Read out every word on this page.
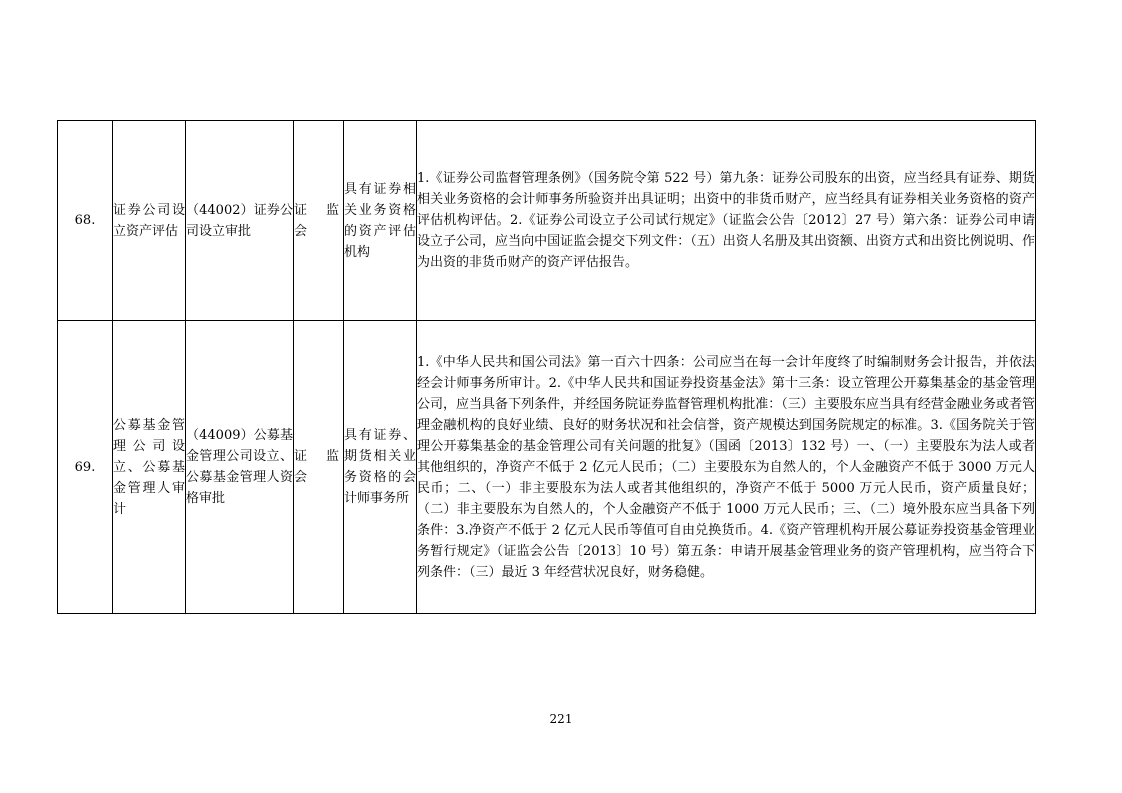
68.	证券公司设立资产评估	（44002）证券公司设立审批	证监会	具有证券相关业务资格的资产评估机构	1.《证券公司监督管理条例》（国务院令第 522 号）第九条：证券公司股东的出资，应当经具有证券、期货相关业务资格的会计师事务所验资并出具证明；出资中的非货币财产，应当经具有证券相关业务资格的资产评估机构评估。2.《证券公司设立子公司试行规定》（证监会公告〔2012〕27 号）第六条：证券公司申请设立子公司，应当向中国证监会提交下列文件：（五）出资人名册及其出资额、出资方式和出资比例说明、作为出资的非货币财产的资产评估报告。
69.	公募基金管理公司设立、公募基金管理人审计	（44009）公募基金管理公司设立、公募基金管理人资格审批	证监会	具有证券、期货相关业务资格的会计师事务所	1.《中华人民共和国公司法》第一百六十四条：公司应当在每一会计年度终了时编制财务会计报告，并依法经会计师事务所审计。2.《中华人民共和国证券投资基金法》第十三条：设立管理公开募集基金的基金管理公司，应当具备下列条件，并经国务院证券监督管理机构批准：（三）主要股东应当具有经营金融业务或者管理金融机构的良好业绩、良好的财务状况和社会信誉，资产规模达到国务院规定的标准。3.《国务院关于管理公开募集基金的基金管理公司有关问题的批复》（国函〔2013〕132 号）一、（一）主要股东为法人或者其他组织的，净资产不低于 2 亿元人民币；（二）主要股东为自然人的，个人金融资产不低于 3000 万元人民币；二、（一）非主要股东为法人或者其他组织的，净资产不低于 5000 万元人民币，资产质量良好；（二）非主要股东为自然人的，个人金融资产不低于 1000 万元人民币；三、（二）境外股东应当具备下列条件：3.净资产不低于 2 亿元人民币等值可自由兑换货币。4.《资产管理机构开展公募证券投资基金管理业务暂行规定》（证监会公告〔2013〕10 号）第五条：申请开展基金管理业务的资产管理机构，应当符合下列条件：（三）最近 3 年经营状况良好，财务稳健。
221
